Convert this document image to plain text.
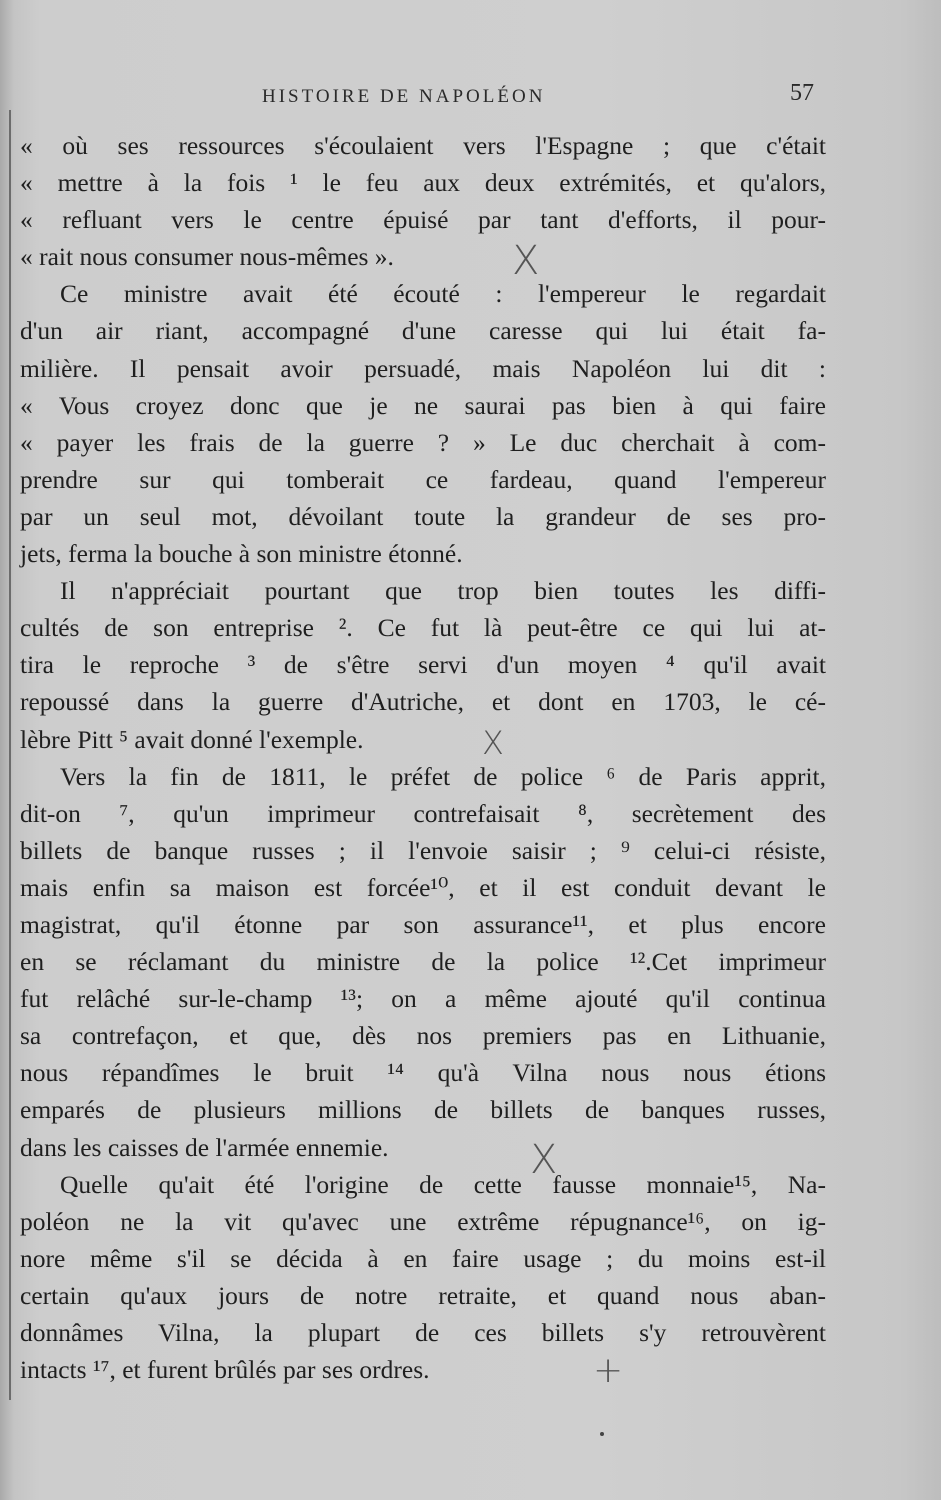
HISTOIRE DE NAPOLÉON	57
« où ses ressources s'écoulaient vers l'Espagne ; que c'était
« mettre à la fois ¹ le feu aux deux extrémités, et qu'alors,
« refluant vers le centre épuisé par tant d'efforts, il pour-
« rait nous consumer nous-mêmes ».
Ce ministre avait été écouté : l'empereur le regardait
d'un air riant, accompagné d'une caresse qui lui était fa-
milière. Il pensait avoir persuadé, mais Napoléon lui dit :
« Vous croyez donc que je ne saurai pas bien à qui faire
« payer les frais de la guerre ? » Le duc cherchait à com-
prendre sur qui tomberait ce fardeau, quand l'empereur
par un seul mot, dévoilant toute la grandeur de ses pro-
jets, ferma la bouche à son ministre étonné.
Il n'appréciait pourtant que trop bien toutes les diffi-
cultés de son entreprise ². Ce fut là peut-être ce qui lui at-
tira le reproche ³ de s'être servi d'un moyen ⁴ qu'il avait
repoussé dans la guerre d'Autriche, et dont en 1703, le cé-
lèbre Pitt ⁵ avait donné l'exemple.
Vers la fin de 1811, le préfet de police ⁶ de Paris apprit,
dit-on ⁷, qu'un imprimeur contrefaisait ⁸, secrètement des
billets de banque russes ; il l'envoie saisir ; ⁹ celui-ci résiste,
mais enfin sa maison est forcée¹⁰, et il est conduit devant le
magistrat, qu'il étonne par son assurance¹¹, et plus encore
en se réclamant du ministre de la police ¹².Cet imprimeur
fut relâché sur-le-champ ¹³; on a même ajouté qu'il continua
sa contrefaçon, et que, dès nos premiers pas en Lithuanie,
nous répandîmes le bruit ¹⁴ qu'à Vilna nous nous étions
emparés de plusieurs millions de billets de banques russes,
dans les caisses de l'armée ennemie.
Quelle qu'ait été l'origine de cette fausse monnaie¹⁵, Na-
poléon ne la vit qu'avec une extrême répugnance¹⁶, on ig-
nore même s'il se décida à en faire usage ; du moins est-il
certain qu'aux jours de notre retraite, et quand nous aban-
donnâmes Vilna, la plupart de ces billets s'y retrouvèrent
intacts ¹⁷, et furent brûlés par ses ordres.
X
X
X
+
